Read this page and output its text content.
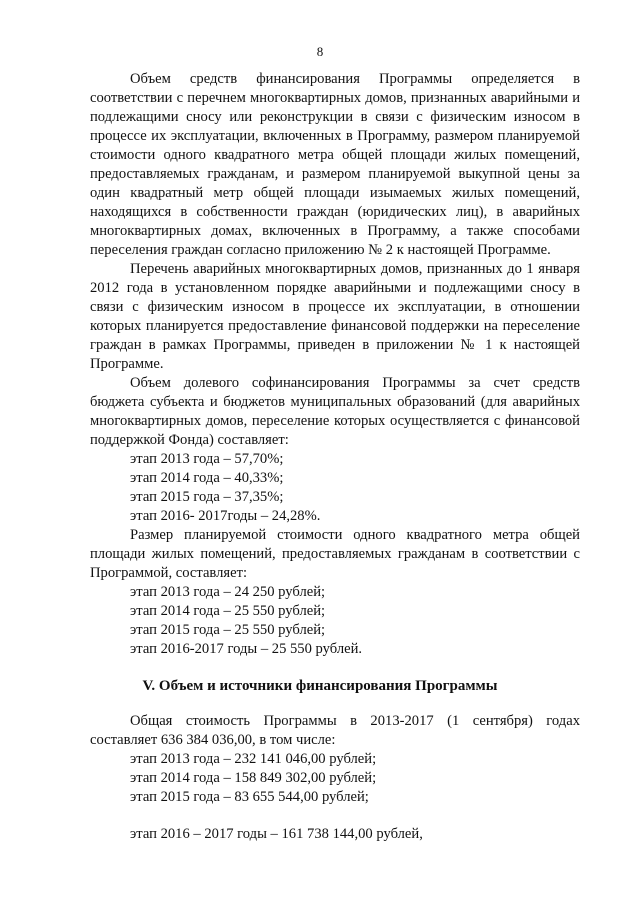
8

Объем средств финансирования Программы определяется в соответствии с перечнем многоквартирных домов, признанных аварийными и подлежащими сносу или реконструкции в связи с физическим износом в процессе их эксплуатации, включенных в Программу, размером планируемой стоимости одного квадратного метра общей площади жилых помещений, предоставляемых гражданам, и размером планируемой выкупной цены за один квадратный метр общей площади изымаемых жилых помещений, находящихся в собственности граждан (юридических лиц), в аварийных многоквартирных домах, включенных в Программу, а также способами переселения граждан согласно приложению № 2 к настоящей Программе.

Перечень аварийных многоквартирных домов, признанных до 1 января 2012 года в установленном порядке аварийными и подлежащими сносу в связи с физическим износом в процессе их эксплуатации, в отношении которых планируется предоставление финансовой поддержки на переселение граждан в рамках Программы, приведен в приложении № 1 к настоящей Программе.

Объем долевого софинансирования Программы за счет средств бюджета субъекта и бюджетов муниципальных образований (для аварийных многоквартирных домов, переселение которых осуществляется с финансовой поддержкой Фонда) составляет:

этап 2013 года – 57,70%;
этап 2014 года – 40,33%;
этап 2015 года – 37,35%;
этап 2016- 2017годы – 24,28%.

Размер планируемой стоимости одного квадратного метра общей площади жилых помещений, предоставляемых гражданам в соответствии с Программой, составляет:

этап 2013 года – 24 250 рублей;
этап 2014 года – 25 550 рублей;
этап 2015 года – 25 550 рублей;
этап 2016-2017 годы – 25 550 рублей.
V. Объем и источники финансирования Программы

Общая стоимость Программы в 2013-2017 (1 сентября) годах составляет 636 384 036,00, в том числе:

этап 2013 года – 232 141 046,00 рублей;
этап 2014 года – 158 849 302,00 рублей;
этап 2015 года – 83 655 544,00 рублей;
этап 2016 – 2017 годы – 161 738 144,00 рублей,
